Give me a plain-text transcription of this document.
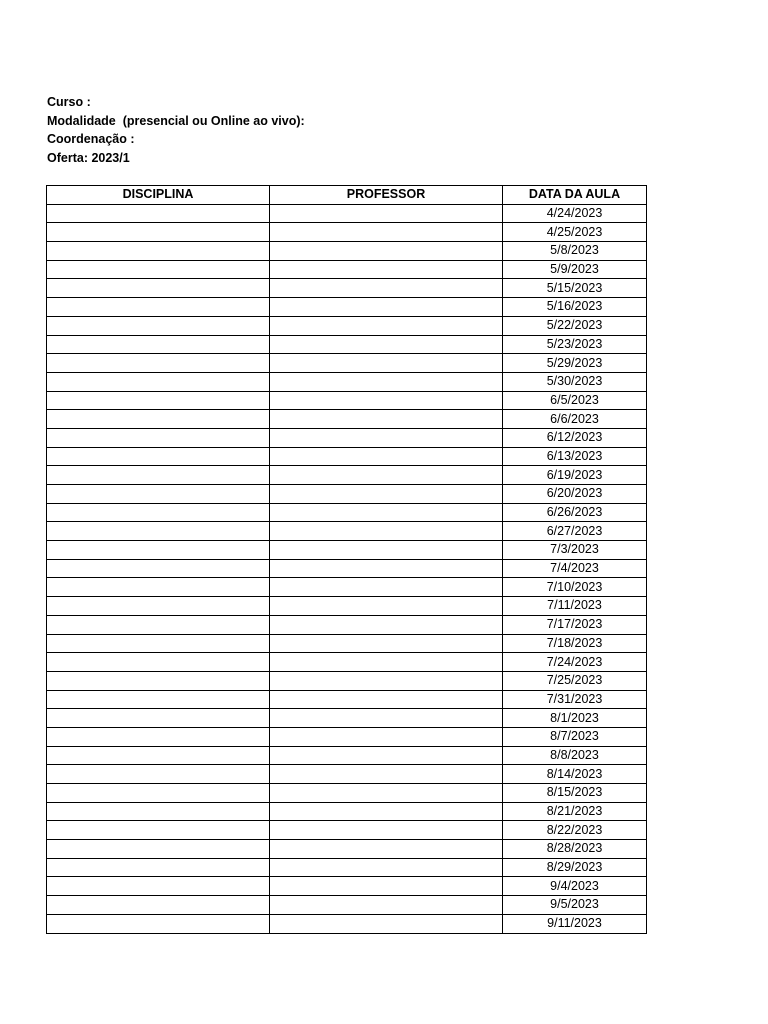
Curso :
Modalidade  (presencial ou Online ao vivo):
Coordenação :
Oferta: 2023/1
DISCIPLINA	PROFESSOR	DATA DA AULA
		4/24/2023
		4/25/2023
		5/8/2023
		5/9/2023
		5/15/2023
		5/16/2023
		5/22/2023
		5/23/2023
		5/29/2023
		5/30/2023
		6/5/2023
		6/6/2023
		6/12/2023
		6/13/2023
		6/19/2023
		6/20/2023
		6/26/2023
		6/27/2023
		7/3/2023
		7/4/2023
		7/10/2023
		7/11/2023
		7/17/2023
		7/18/2023
		7/24/2023
		7/25/2023
		7/31/2023
		8/1/2023
		8/7/2023
		8/8/2023
		8/14/2023
		8/15/2023
		8/21/2023
		8/22/2023
		8/28/2023
		8/29/2023
		9/4/2023
		9/5/2023
		9/11/2023
